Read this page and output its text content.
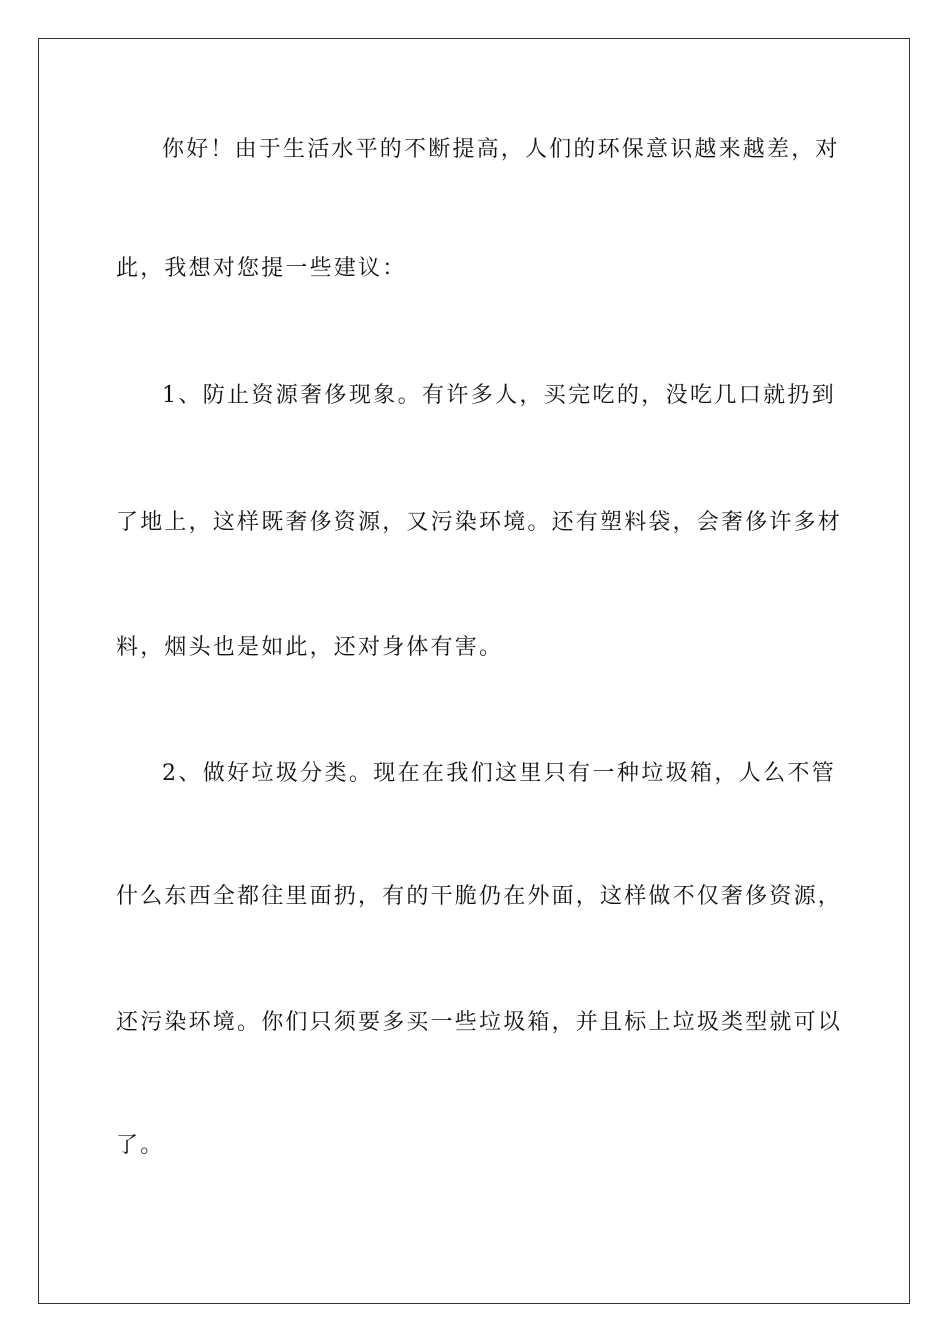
你好！由于生活水平的不断提高，人们的环保意识越来越差，对
此，我想对您提一些建议：
1、防止资源奢侈现象。有许多人，买完吃的，没吃几口就扔到
了地上，这样既奢侈资源，又污染环境。还有塑料袋，会奢侈许多材
料，烟头也是如此，还对身体有害。
2、做好垃圾分类。现在在我们这里只有一种垃圾箱，人么不管
什么东西全都往里面扔，有的干脆仍在外面，这样做不仅奢侈资源，
还污染环境。你们只须要多买一些垃圾箱，并且标上垃圾类型就可以
了。
